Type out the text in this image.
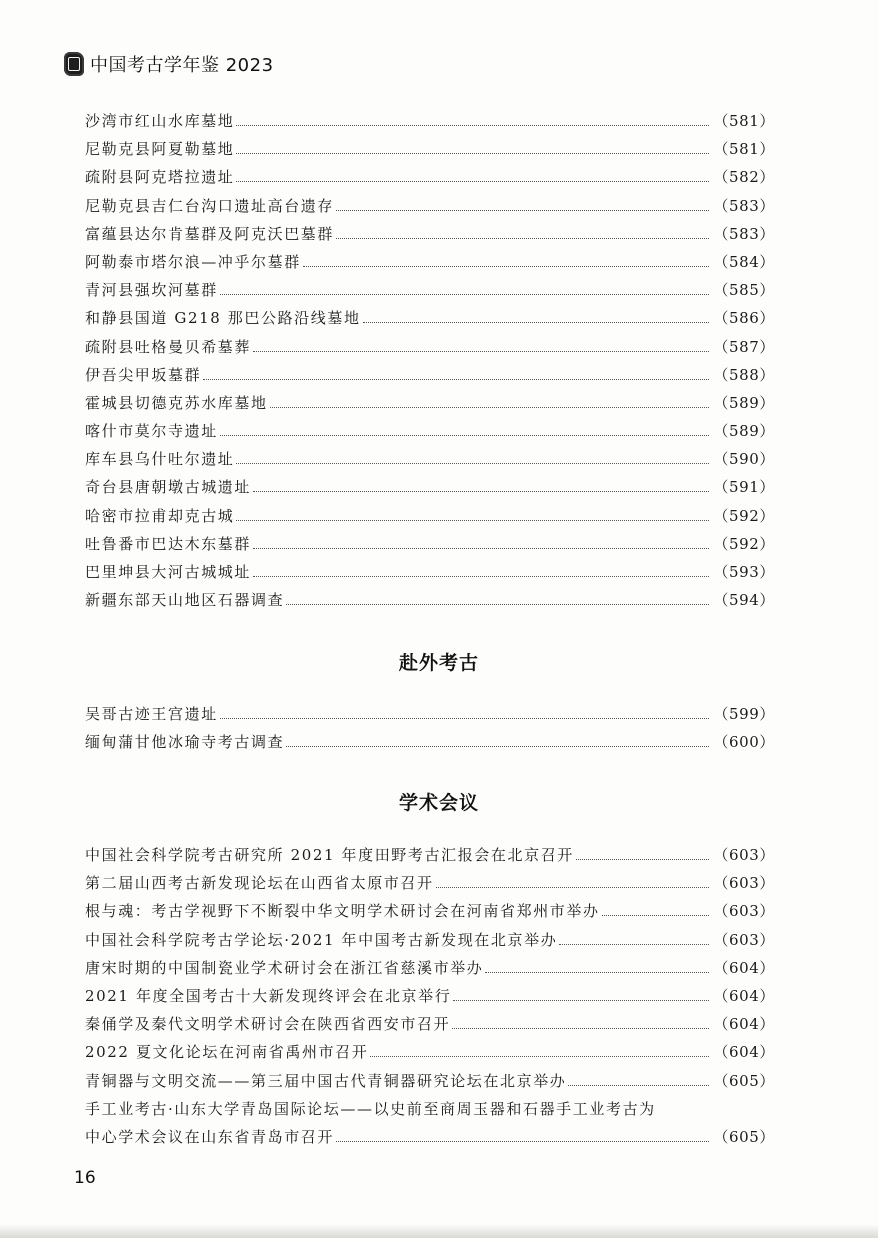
中国考古学年鉴 2023
沙湾市红山水库墓地	（581）
尼勒克县阿夏勒墓地	（581）
疏附县阿克塔拉遗址	（582）
尼勒克县吉仁台沟口遗址高台遗存	（583）
富蕴县达尔肯墓群及阿克沃巴墓群	（583）
阿勒泰市塔尔浪—冲乎尔墓群	（584）
青河县强坎河墓群	（585）
和静县国道 G218 那巴公路沿线墓地	（586）
疏附县吐格曼贝希墓葬	（587）
伊吾尖甲坂墓群	（588）
霍城县切德克苏水库墓地	（589）
喀什市莫尔寺遗址	（589）
库车县乌什吐尔遗址	（590）
奇台县唐朝墩古城遗址	（591）
哈密市拉甫却克古城	（592）
吐鲁番市巴达木东墓群	（592）
巴里坤县大河古城城址	（593）
新疆东部天山地区石器调查	（594）
赴外考古
吴哥古迹王宫遗址	（599）
缅甸蒲甘他冰瑜寺考古调查	（600）
学术会议
中国社会科学院考古研究所 2021 年度田野考古汇报会在北京召开	（603）
第二届山西考古新发现论坛在山西省太原市召开	（603）
根与魂：考古学视野下不断裂中华文明学术研讨会在河南省郑州市举办	（603）
中国社会科学院考古学论坛·2021 年中国考古新发现在北京举办	（603）
唐宋时期的中国制瓷业学术研讨会在浙江省慈溪市举办	（604）
2021 年度全国考古十大新发现终评会在北京举行	（604）
秦俑学及秦代文明学术研讨会在陕西省西安市召开	（604）
2022 夏文化论坛在河南省禹州市召开	（604）
青铜器与文明交流——第三届中国古代青铜器研究论坛在北京举办	（605）
手工业考古·山东大学青岛国际论坛——以史前至商周玉器和石器手工业考古为
中心学术会议在山东省青岛市召开	（605）
16
